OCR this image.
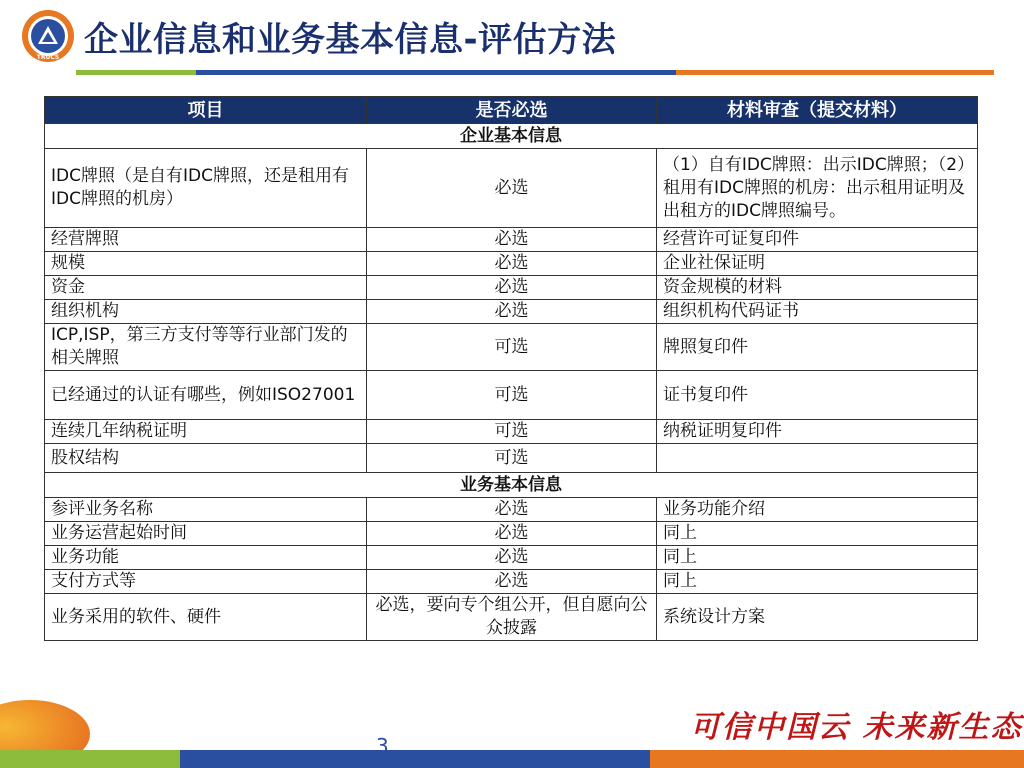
TRUCS 企业信息和业务基本信息-评估方法
项目	是否必选	材料审查（提交材料）
企业基本信息		
IDC牌照（是自有IDC牌照，还是租用有IDC牌照的机房）	必选	（1）自有IDC牌照：出示IDC牌照；（2）租用有IDC牌照的机房：出示租用证明及出租方的IDC牌照编号。
经营牌照	必选	经营许可证复印件
规模	必选	企业社保证明
资金	必选	资金规模的材料
组织机构	必选	组织机构代码证书
ICP,ISP，第三方支付等等行业部门发的相关牌照	可选	牌照复印件
已经通过的认证有哪些，例如ISO27001	可选	证书复印件
连续几年纳税证明	可选	纳税证明复印件
股权结构	可选	
业务基本信息		
参评业务名称	必选	业务功能介绍
业务运营起始时间	必选	同上
业务功能	必选	同上
支付方式等	必选	同上
业务采用的软件、硬件	必选，要向专个组公开，但自愿向公众披露	系统设计方案
可信中国云 未来新生态
3
